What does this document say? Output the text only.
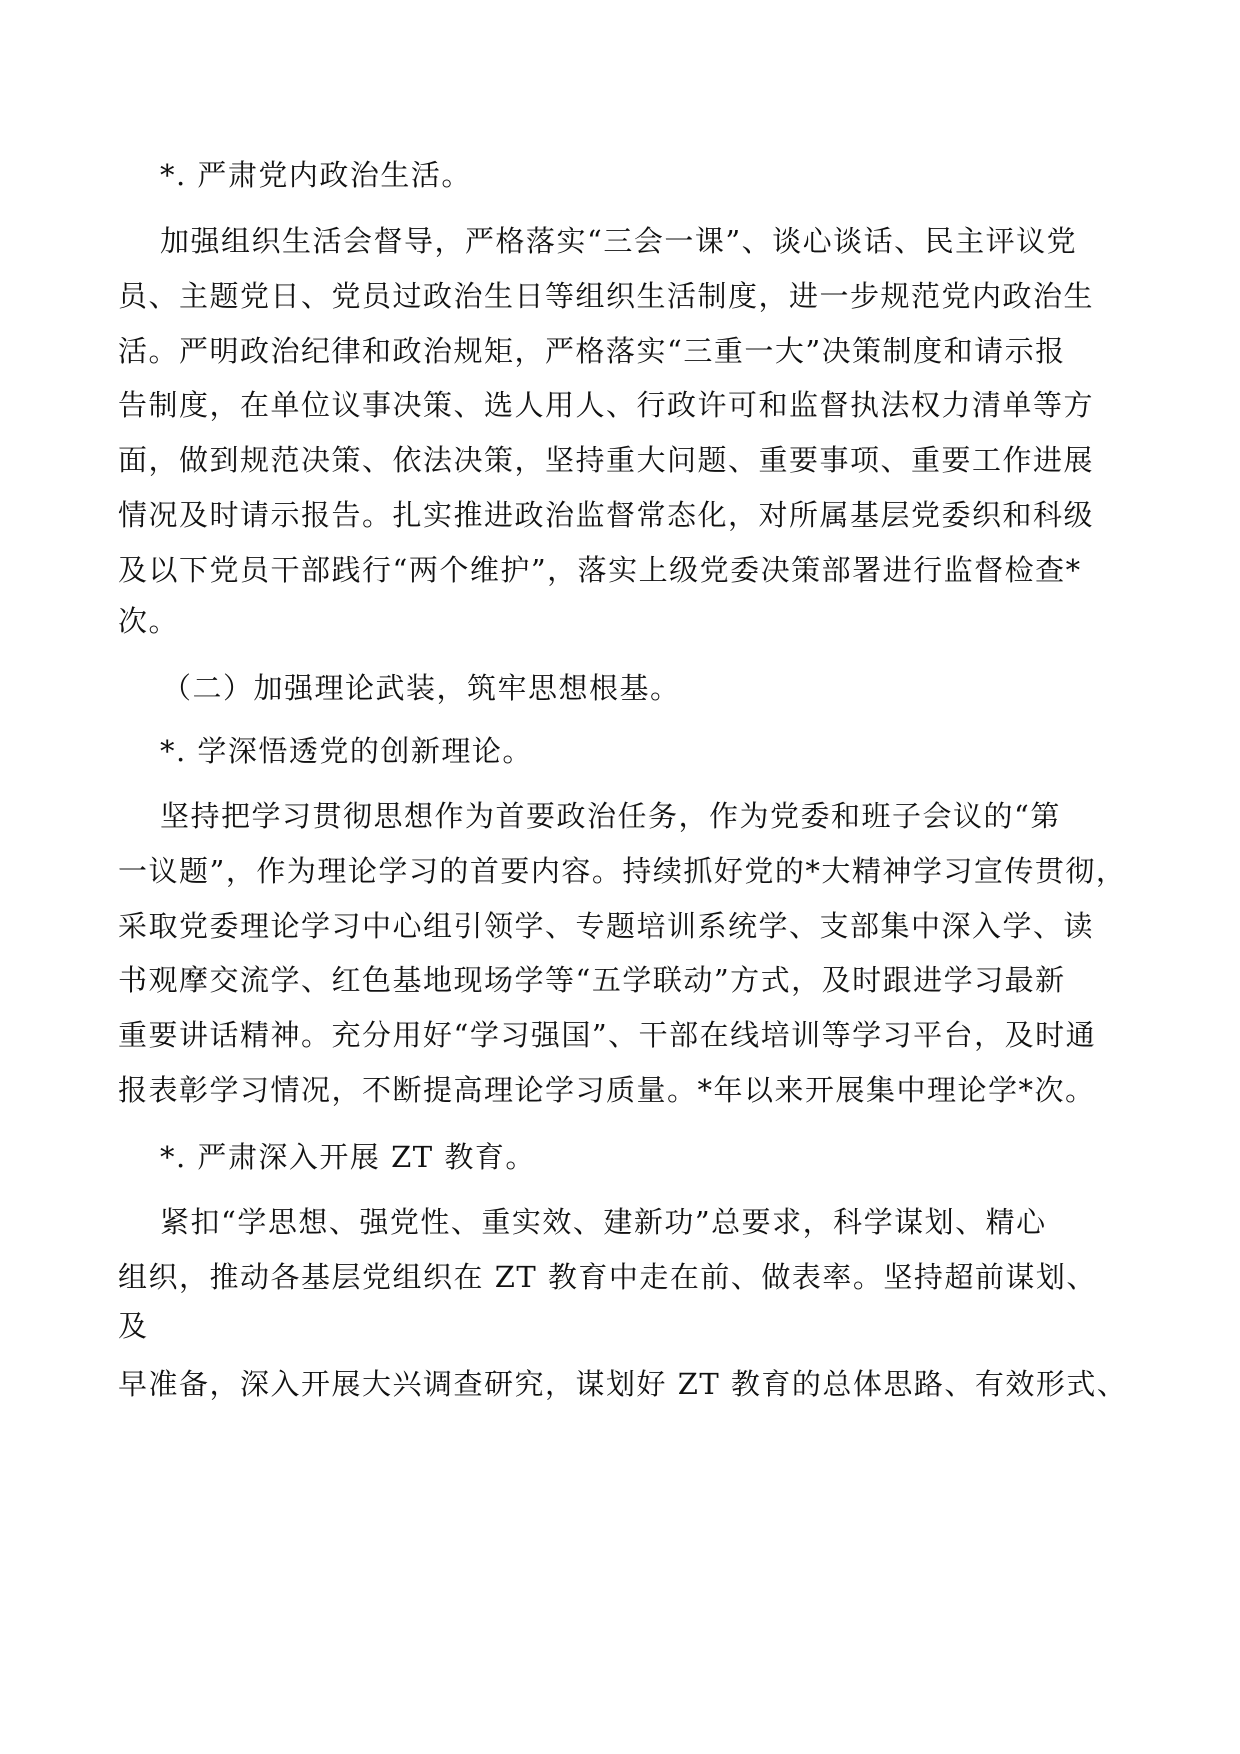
*. 严肃党内政治生活。
加强组织生活会督导，严格落实“三会一课”、谈心谈话、民主评议党
员、主题党日、党员过政治生日等组织生活制度，进一步规范党内政治生
活。严明政治纪律和政治规矩，严格落实“三重一大”决策制度和请示报
告制度，在单位议事决策、选人用人、行政许可和监督执法权力清单等方
面，做到规范决策、依法决策，坚持重大问题、重要事项、重要工作进展
情况及时请示报告。扎实推进政治监督常态化，对所属基层党委织和科级
及以下党员干部践行“两个维护”，落实上级党委决策部署进行监督检查*
次。
（二）加强理论武装，筑牢思想根基。
*. 学深悟透党的创新理论。
坚持把学习贯彻思想作为首要政治任务，作为党委和班子会议的“第
一议题”，作为理论学习的首要内容。持续抓好党的*大精神学习宣传贯彻，
采取党委理论学习中心组引领学、专题培训系统学、支部集中深入学、读
书观摩交流学、红色基地现场学等“五学联动”方式，及时跟进学习最新
重要讲话精神。充分用好“学习强国”、干部在线培训等学习平台，及时通
报表彰学习情况，不断提高理论学习质量。*年以来开展集中理论学*次。
*. 严肃深入开展 ZT 教育。
紧扣“学思想、强党性、重实效、建新功”总要求，科学谋划、精心
组织，推动各基层党组织在 ZT 教育中走在前、做表率。坚持超前谋划、
及
早准备，深入开展大兴调查研究，谋划好 ZT 教育的总体思路、有效形式、
